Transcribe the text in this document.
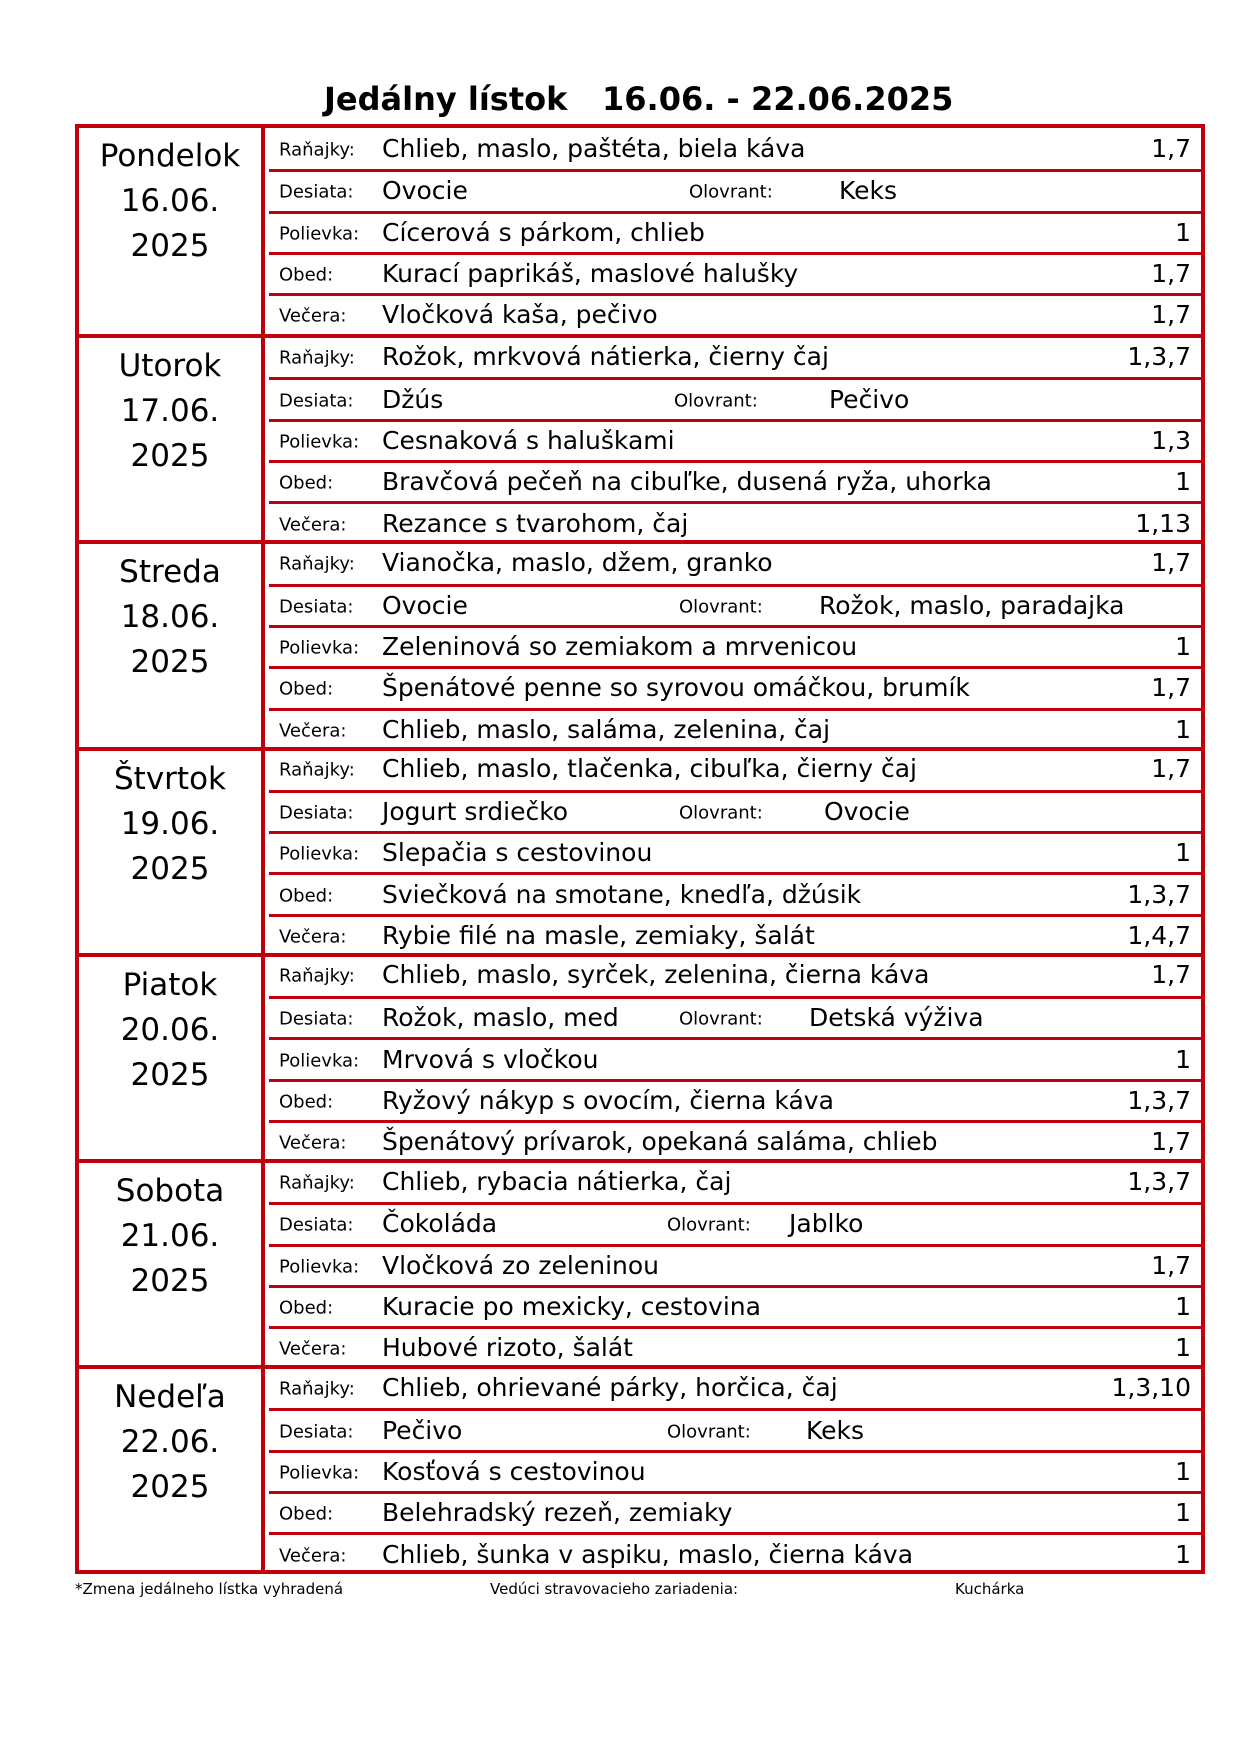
Jedálny lístok 16.06. - 22.06.2025
Pondelok
16.06.
2025
Raňajky: Chlieb, maslo, paštéta, biela káva	1,7
Desiata: Ovocie	Olovrant:	Keks
Polievka: Cícerová s párkom, chlieb	1
Obed: Kurací paprikáš, maslové halušky	1,7
Večera: Vločková kaša, pečivo	1,7
Utorok
17.06.
2025
Raňajky: Rožok, mrkvová nátierka, čierny čaj	1,3,7
Desiata: Džús	Olovrant:	Pečivo
Polievka: Cesnaková s haluškami	1,3
Obed: Bravčová pečeň na cibuľke, dusená ryža, uhorka	1
Večera: Rezance s tvarohom, čaj	1,13
Streda
18.06.
2025
Raňajky: Vianočka, maslo, džem, granko	1,7
Desiata: Ovocie	Olovrant: Rožok, maslo, paradajka
Polievka: Zeleninová so zemiakom a mrvenicou	1
Obed: Špenátové penne so syrovou omáčkou, brumík	1,7
Večera: Chlieb, maslo, saláma, zelenina, čaj	1
Štvrtok
19.06.
2025
Raňajky: Chlieb, maslo, tlačenka, cibuľka, čierny čaj	1,7
Desiata: Jogurt srdiečko	Olovrant: Ovocie
Polievka: Slepačia s cestovinou	1
Obed: Sviečková na smotane, knedľa, džúsik	1,3,7
Večera: Rybie filé na masle, zemiaky, šalát	1,4,7
Piatok
20.06.
2025
Raňajky: Chlieb, maslo, syrček, zelenina, čierna káva	1,7
Desiata: Rožok, maslo, med	Olovrant: Detská výživa
Polievka: Mrvová s vločkou	1
Obed: Ryžový nákyp s ovocím, čierna káva	1,3,7
Večera: Špenátový prívarok, opekaná saláma, chlieb	1,7
Sobota
21.06.
2025
Raňajky: Chlieb, rybacia nátierka, čaj	1,3,7
Desiata: Čokoláda	Olovrant: Jablko
Polievka: Vločková zo zeleninou	1,7
Obed: Kuracie po mexicky, cestovina	1
Večera: Hubové rizoto, šalát	1
Nedeľa
22.06.
2025
Raňajky: Chlieb, ohrievané párky, horčica, čaj	1,3,10
Desiata: Pečivo	Olovrant: Keks
Polievka: Kosťová s cestovinou	1
Obed: Belehradský rezeň, zemiaky	1
Večera: Chlieb, šunka v aspiku, maslo, čierna káva	1
*Zmena jedálneho lístka vyhradená	Vedúci stravovacieho zariadenia:	Kuchárka
